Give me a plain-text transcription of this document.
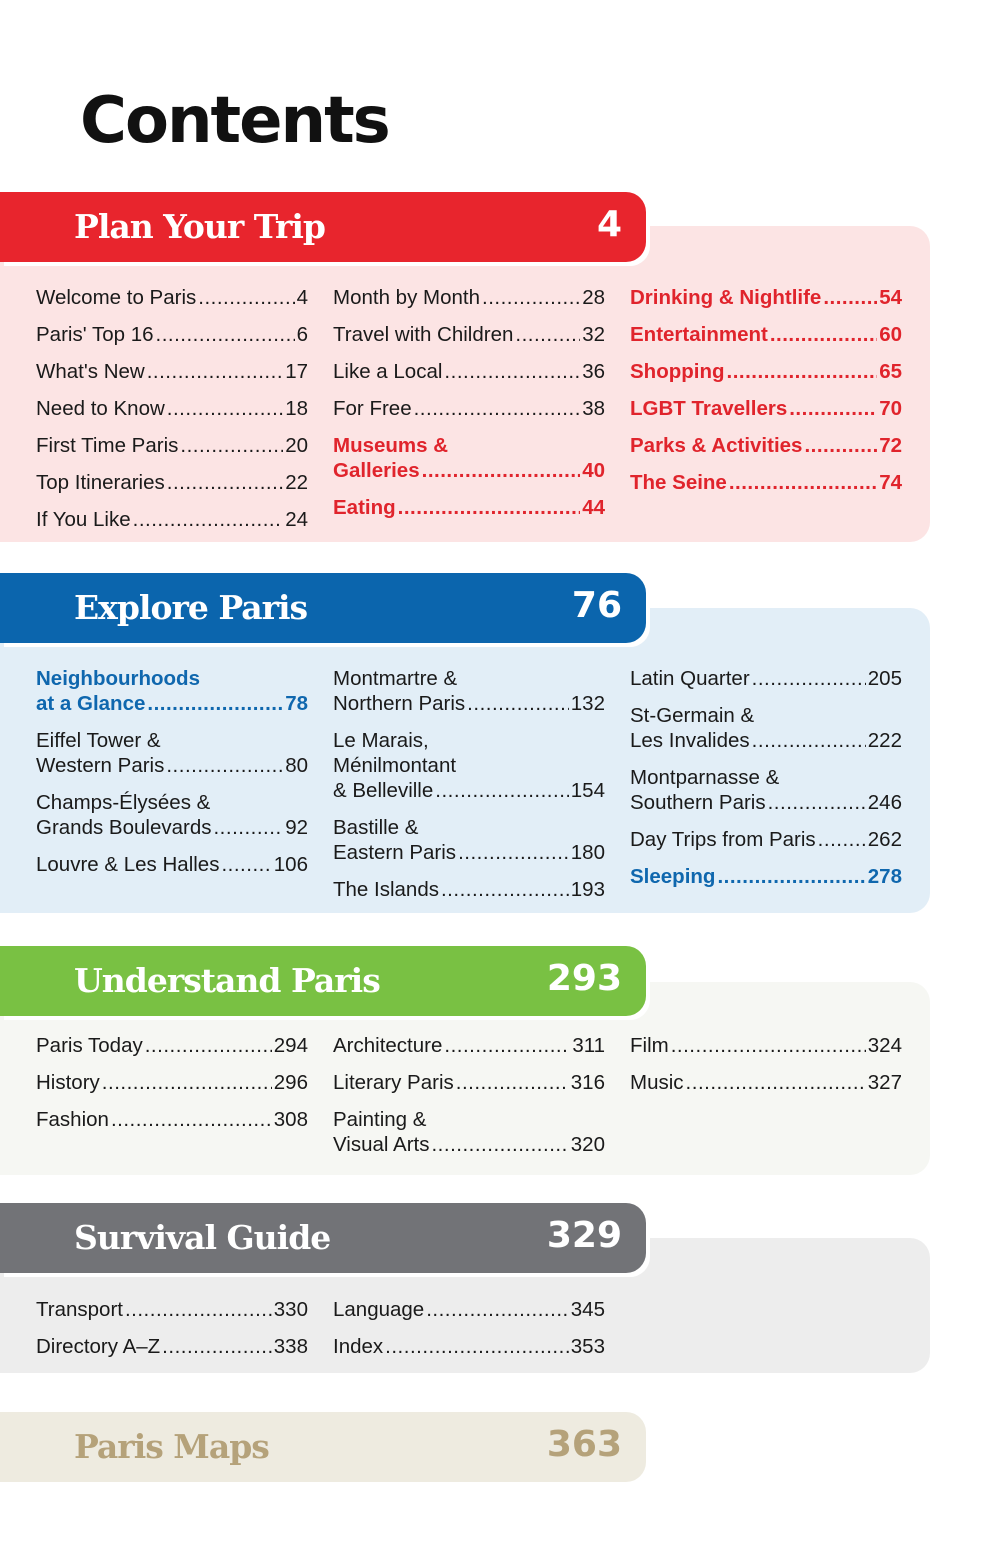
Contents
Plan Your Trip	4
Explore Paris	76
Understand Paris	293
Survival Guide	329
Paris Maps	363
Welcome to Paris .....	4
Paris' Top 16 .....	6
What's New .....	17
Need to Know .....	18
First Time Paris .....	20
Top Itineraries .....	22
If You Like .....	24
Month by Month .....	28
Travel with Children .....	32
Like a Local .....	36
For Free .....	38
Museums &
Galleries .....	40
Eating .....	44
Drinking & Nightlife .....	54
Entertainment .....	60
Shopping .....	65
LGBT Travellers .....	70
Parks & Activities .....	72
The Seine .....	74
Neighbourhoods
at a Glance .....	78
Eiffel Tower &
Western Paris .....	80
Champs-Élysées &
Grands Boulevards .....	92
Louvre & Les Halles .....	106
Montmartre &
Northern Paris .....	132
Le Marais,
Ménilmontant
& Belleville .....	154
Bastille &
Eastern Paris .....	180
The Islands .....	193
Latin Quarter .....	205
St-Germain &
Les Invalides .....	222
Montparnasse &
Southern Paris .....	246
Day Trips from Paris .....	262
Sleeping .....	278
Paris Today .....	294
History .....	296
Fashion .....	308
Architecture .....	311
Literary Paris .....	316
Painting &
Visual Arts .....	320
Film .....	324
Music .....	327
Transport .....	330
Directory A–Z .....	338
Language .....	345
Index .....	353
